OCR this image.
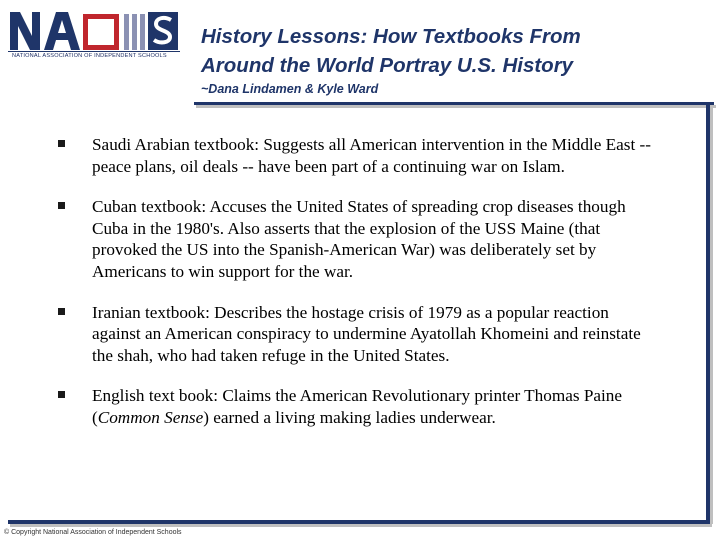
NATIONAL ASSOCIATION OF INDEPENDENT SCHOOLS
History Lessons: How Textbooks From
Around the World Portray U.S. History
~Dana Lindamen & Kyle Ward
Saudi Arabian textbook: Suggests all American intervention in the Middle East -- peace plans, oil deals -- have been part of a continuing war on Islam.
Cuban textbook: Accuses the United States of spreading crop diseases though Cuba in the 1980's. Also asserts that the explosion of the USS Maine (that provoked the US into the Spanish-American War) was deliberately set by Americans to win support for the war.
Iranian textbook: Describes the hostage crisis of 1979 as a popular reaction against an American conspiracy to undermine Ayatollah Khomeini and reinstate the shah, who had taken refuge in the United States.
English text book: Claims the American Revolutionary printer Thomas Paine (Common Sense) earned a living making ladies underwear.
© Copyright National Association of Independent Schools
